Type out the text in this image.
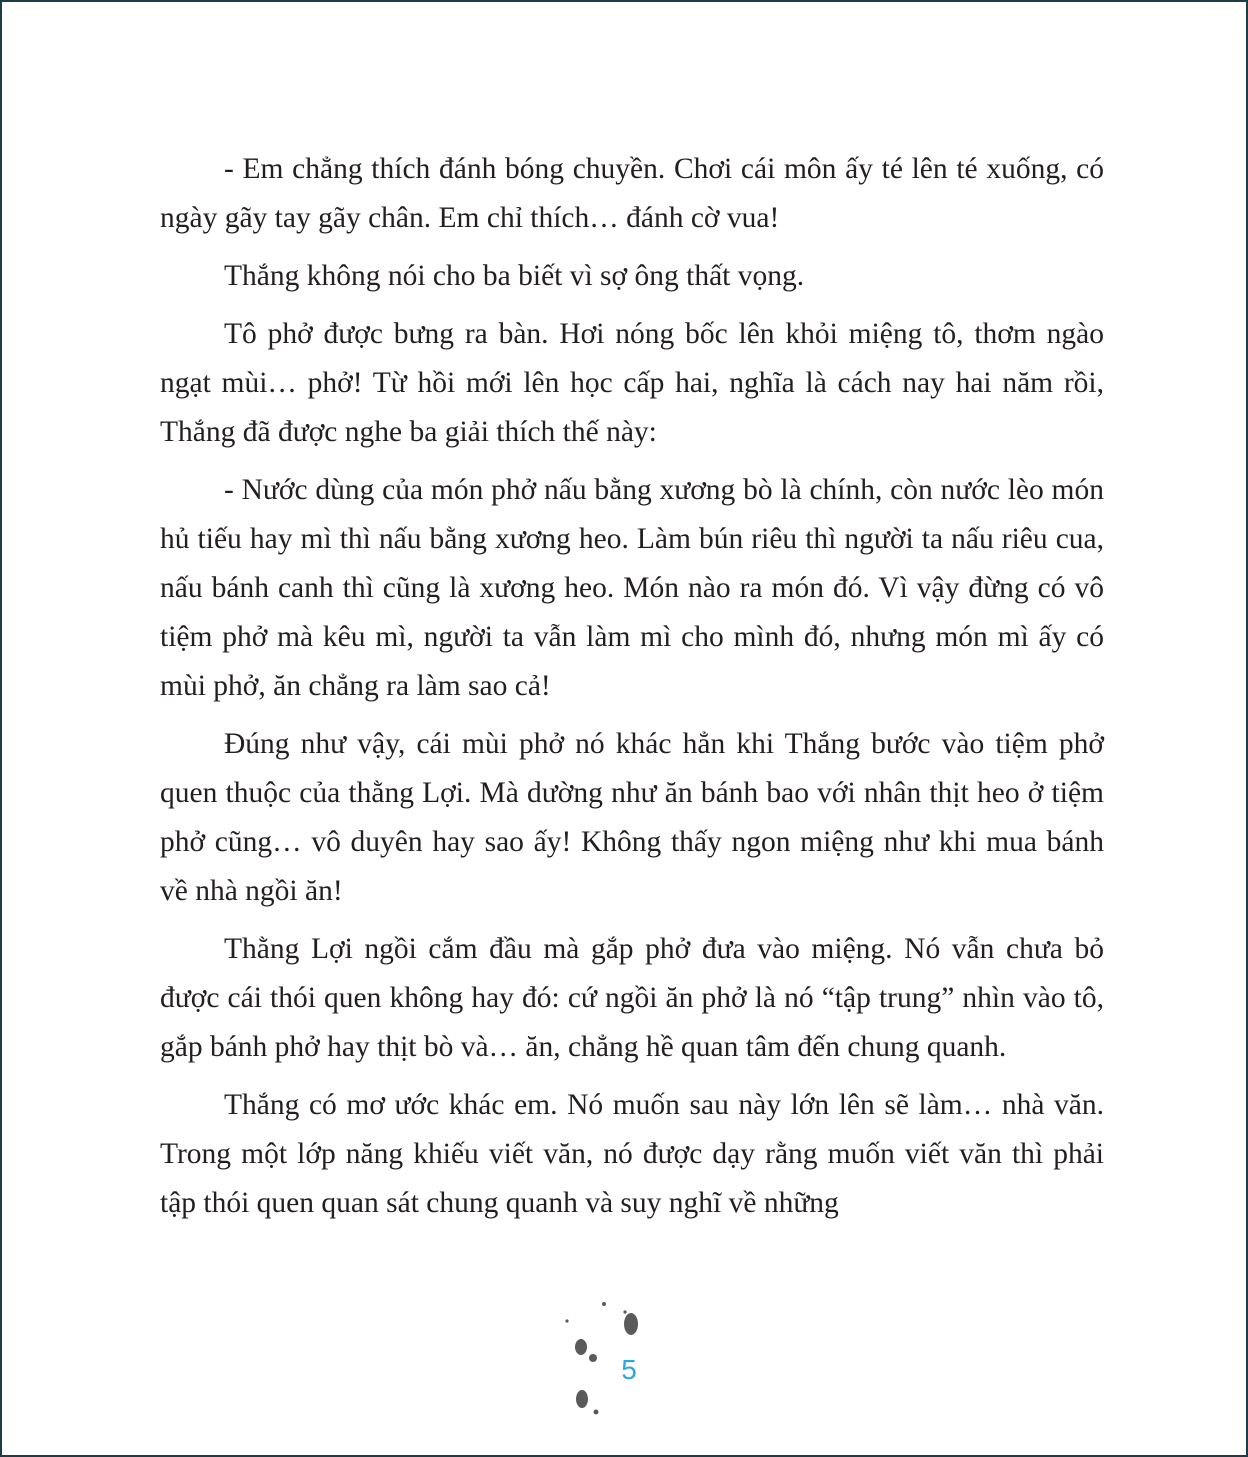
- Em chẳng thích đánh bóng chuyền. Chơi cái môn ấy té lên té xuống, có ngày gãy tay gãy chân. Em chỉ thích… đánh cờ vua!

Thắng không nói cho ba biết vì sợ ông thất vọng.

Tô phở được bưng ra bàn. Hơi nóng bốc lên khỏi miệng tô, thơm ngào ngạt mùi… phở! Từ hồi mới lên học cấp hai, nghĩa là cách nay hai năm rồi, Thắng đã được nghe ba giải thích thế này:

- Nước dùng của món phở nấu bằng xương bò là chính, còn nước lèo món hủ tiếu hay mì thì nấu bằng xương heo. Làm bún riêu thì người ta nấu riêu cua, nấu bánh canh thì cũng là xương heo. Món nào ra món đó. Vì vậy đừng có vô tiệm phở mà kêu mì, người ta vẫn làm mì cho mình đó, nhưng món mì ấy có mùi phở, ăn chẳng ra làm sao cả!

Đúng như vậy, cái mùi phở nó khác hẳn khi Thắng bước vào tiệm phở quen thuộc của thằng Lợi. Mà dường như ăn bánh bao với nhân thịt heo ở tiệm phở cũng… vô duyên hay sao ấy! Không thấy ngon miệng như khi mua bánh về nhà ngồi ăn!

Thằng Lợi ngồi cắm đầu mà gắp phở đưa vào miệng. Nó vẫn chưa bỏ được cái thói quen không hay đó: cứ ngồi ăn phở là nó “tập trung” nhìn vào tô, gắp bánh phở hay thịt bò và… ăn, chẳng hề quan tâm đến chung quanh.

Thắng có mơ ước khác em. Nó muốn sau này lớn lên sẽ làm… nhà văn. Trong một lớp năng khiếu viết văn, nó được dạy rằng muốn viết văn thì phải tập thói quen quan sát chung quanh và suy nghĩ về những

5
